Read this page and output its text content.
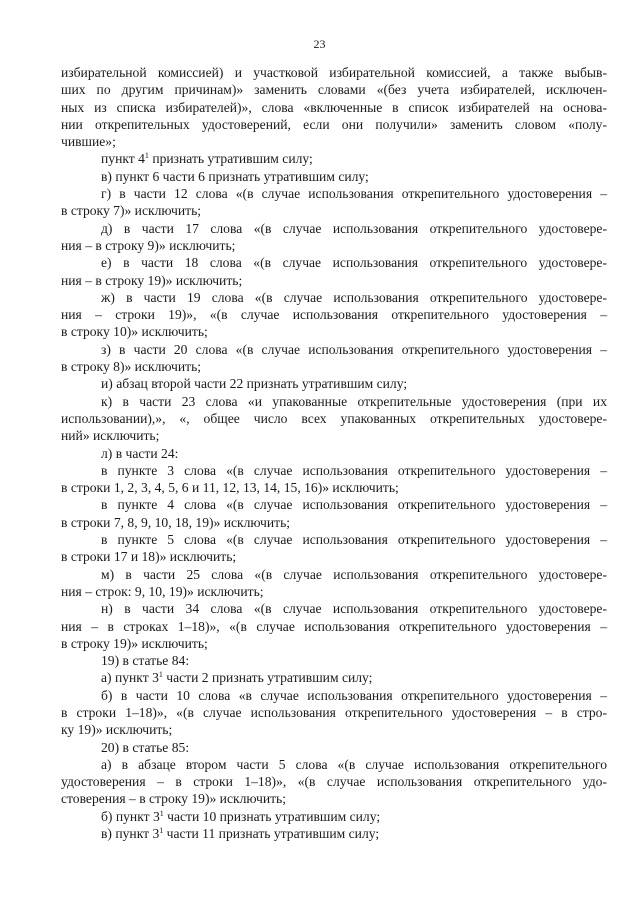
23
избирательной комиссией) и участковой избирательной комиссией, а также выбыв-
ших по другим причинам)» заменить словами «(без учета избирателей, исключен-
ных из списка избирателей)», слова «включенные в список избирателей на основа-
нии открепительных удостоверений, если они получили» заменить словом «полу-
чившие»;
пункт $4^1$ признать утратившим силу;
в) пункт 6 части 6 признать утратившим силу;
г) в части 12 слова «(в случае использования открепительного удостоверения –
в строку 7)» исключить;
д) в части 17 слова «(в случае использования открепительного удостовере-
ния – в строку 9)» исключить;
е) в части 18 слова «(в случае использования открепительного удостовере-
ния – в строку 19)» исключить;
ж) в части 19 слова «(в случае использования открепительного удостовере-
ния – строки 19)», «(в случае использования открепительного удостоверения –
в строку 10)» исключить;
з) в части 20 слова «(в случае использования открепительного удостоверения –
в строку 8)» исключить;
и) абзац второй части 22 признать утратившим силу;
к) в части 23 слова «и упакованные открепительные удостоверения (при их
использовании),», «, общее число всех упакованных открепительных удостовере-
ний» исключить;
л) в части 24:
в пункте 3 слова «(в случае использования открепительного удостоверения –
в строки 1, 2, 3, 4, 5, 6 и 11, 12, 13, 14, 15, 16)» исключить;
в пункте 4 слова «(в случае использования открепительного удостоверения –
в строки 7, 8, 9, 10, 18, 19)» исключить;
в пункте 5 слова «(в случае использования открепительного удостоверения –
в строки 17 и 18)» исключить;
м) в части 25 слова «(в случае использования открепительного удостовере-
ния – строк: 9, 10, 19)» исключить;
н) в части 34 слова «(в случае использования открепительного удостовере-
ния – в строках 1–18)», «(в случае использования открепительного удостоверения –
в строку 19)» исключить;
19) в статье 84:
а) пункт $3^1$ части 2 признать утратившим силу;
б) в части 10 слова «в случае использования открепительного удостоверения –
в строки 1–18)», «(в случае использования открепительного удостоверения – в стро-
ку 19)» исключить;
20) в статье 85:
а) в абзаце втором части 5 слова «(в случае использования открепительного
удостоверения – в строки 1–18)», «(в случае использования открепительного удо-
стоверения – в строку 19)» исключить;
б) пункт $3^1$ части 10 признать утратившим силу;
в) пункт $3^1$ части 11 признать утратившим силу;
